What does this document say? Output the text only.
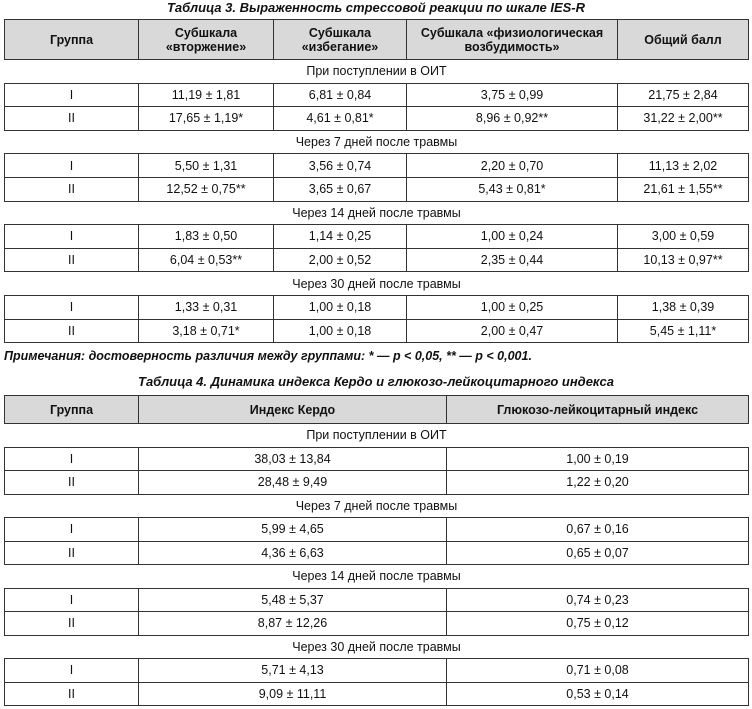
Таблица 3. Выраженность стрессовой реакции по шкале IES-R
Группа	Субшкала «вторжение»	Субшкала «избегание»	Субшкала «физиологическая возбудимость»	Общий балл
При поступлении в ОИТ				
I	11,19 ± 1,81	6,81 ± 0,84	3,75 ± 0,99	21,75 ± 2,84
II	17,65 ± 1,19*	4,61 ± 0,81*	8,96 ± 0,92**	31,22 ± 2,00**
Через 7 дней после травмы				
I	5,50 ± 1,31	3,56 ± 0,74	2,20 ± 0,70	11,13 ± 2,02
II	12,52 ± 0,75**	3,65 ± 0,67	5,43 ± 0,81*	21,61 ± 1,55**
Через 14 дней после травмы				
I	1,83 ± 0,50	1,14 ± 0,25	1,00 ± 0,24	3,00 ± 0,59
II	6,04 ± 0,53**	2,00 ± 0,52	2,35 ± 0,44	10,13 ± 0,97**
Через 30 дней после травмы				
I	1,33 ± 0,31	1,00 ± 0,18	1,00 ± 0,25	1,38 ± 0,39
II	3,18 ± 0,71*	1,00 ± 0,18	2,00 ± 0,47	5,45 ± 1,11*
Примечания: достоверность различия между группами: * — p < 0,05, ** — p < 0,001.
Таблица 4. Динамика индекса Кердо и глюкозо-лейкоцитарного индекса
Группа	Индекс Кердо	Глюкозо-лейкоцитарный индекс
При поступлении в ОИТ		
I	38,03 ± 13,84	1,00 ± 0,19
II	28,48 ± 9,49	1,22 ± 0,20
Через 7 дней после травмы		
I	5,99 ± 4,65	0,67 ± 0,16
II	4,36 ± 6,63	0,65 ± 0,07
Через 14 дней после травмы		
I	5,48 ± 5,37	0,74 ± 0,23
II	8,87 ± 12,26	0,75 ± 0,12
Через 30 дней после травмы		
I	5,71 ± 4,13	0,71 ± 0,08
II	9,09 ± 11,11	0,53 ± 0,14
